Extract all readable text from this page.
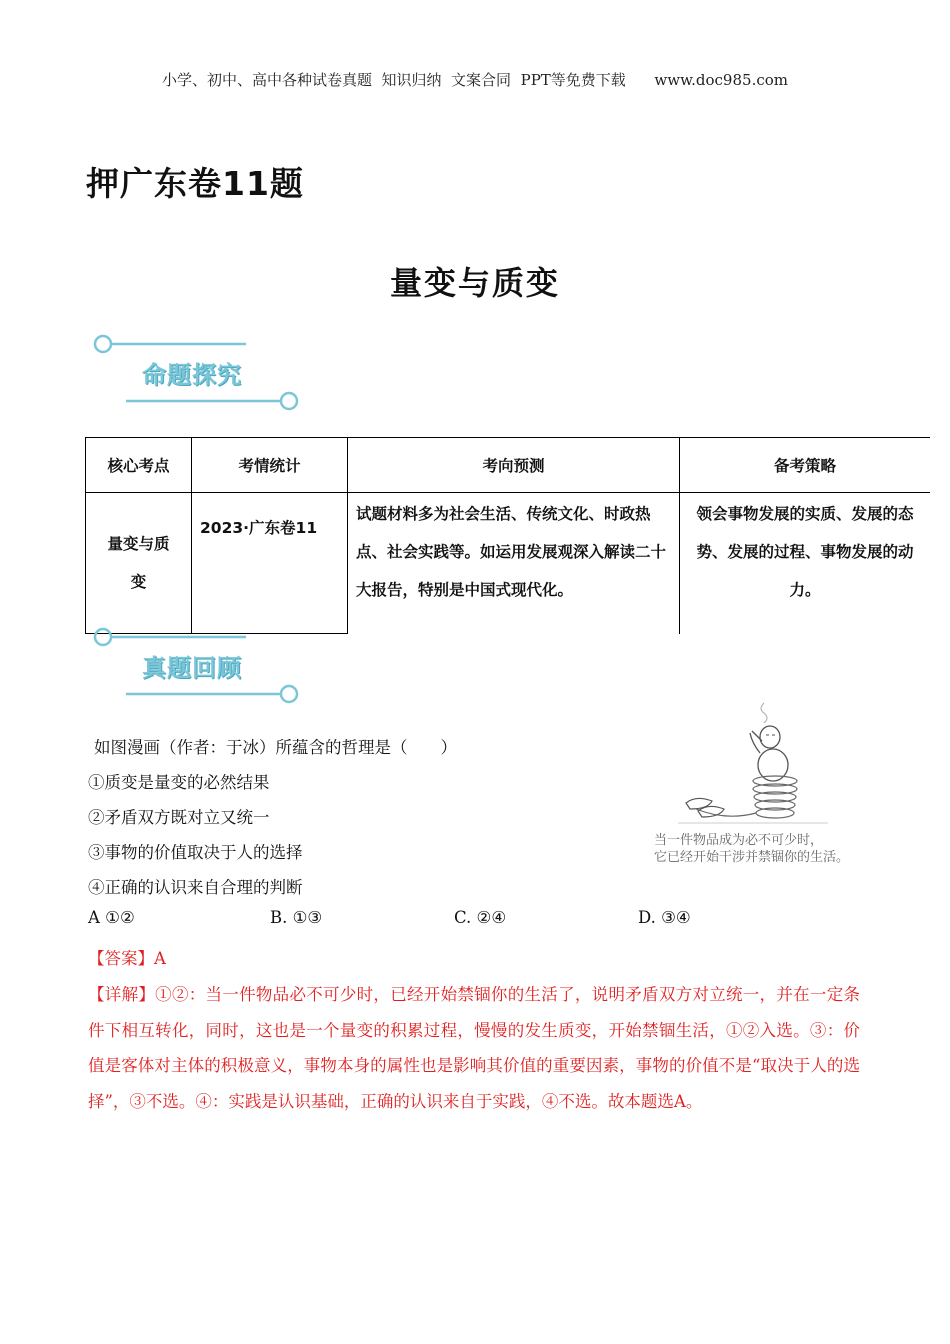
小学、初中、高中各种试卷真题  知识归纳  文案合同  PPT等免费下载      www.doc985.com
押广东卷11题
量变与质变
命题探究
核心考点	考情统计	考向预测	备考策略

量变与质
变	2023·广东卷11	试题材料多为社会生活、传统文化、时政热点、社会实践等。如运用发展观深入解读二十大报告，特别是中国式现代化。	领会事物发展的实质、发展的态势、发展的过程、事物发展的动力。
真题回顾
如图漫画（作者：于冰）所蕴含的哲理是（　　）
①质变是量变的必然结果
②矛盾双方既对立又统一
③事物的价值取决于人的选择
④正确的认识来自合理的判断
当一件物品成为必不可少时，
它已经开始干涉并禁锢你的生活。
A ①②	B. ①③	C. ②④	D. ③④
【答案】A
【详解】①②：当一件物品必不可少时，已经开始禁锢你的生活了，说明矛盾双方对立统一，并在一定条件下相互转化，同时，这也是一个量变的积累过程，慢慢的发生质变，开始禁锢生活，①②入选。③：价值是客体对主体的积极意义，事物本身的属性也是影响其价值的重要因素，事物的价值不是“取决于人的选择”，③不选。④：实践是认识基础，正确的认识来自于实践，④不选。故本题选A。
